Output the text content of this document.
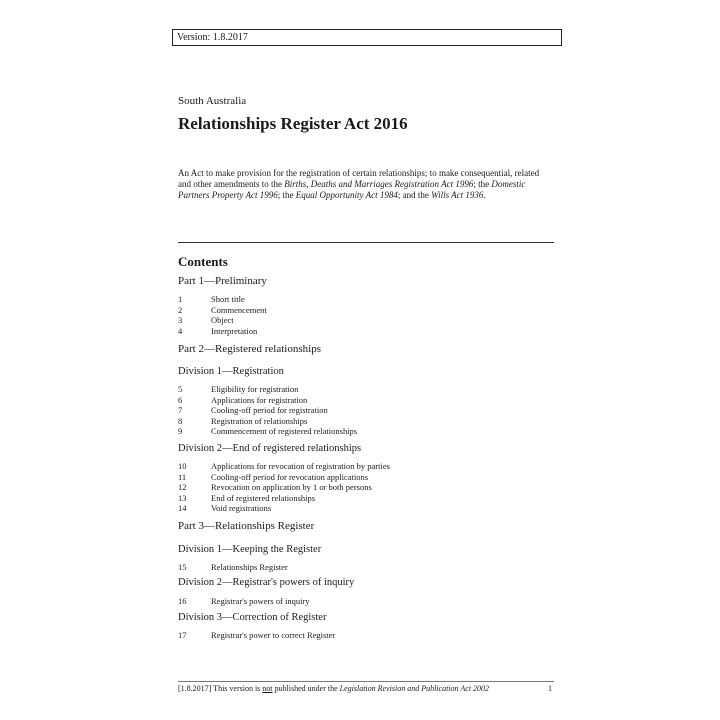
Version: 1.8.2017
South Australia
Relationships Register Act 2016
An Act to make provision for the registration of certain relationships; to make consequential, related and other amendments to the Births, Deaths and Marriages Registration Act 1996; the Domestic Partners Property Act 1996; the Equal Opportunity Act 1984; and the Wills Act 1936.
Contents
Part 1—Preliminary
1	Short title
2	Commencement
3	Object
4	Interpretation
Part 2—Registered relationships
Division 1—Registration
5	Eligibility for registration
6	Applications for registration
7	Cooling-off period for registration
8	Registration of relationships
9	Commencement of registered relationships
Division 2—End of registered relationships
10	Applications for revocation of registration by parties
11	Cooling-off period for revocation applications
12	Revocation on application by 1 or both persons
13	End of registered relationships
14	Void registrations
Part 3—Relationships Register
Division 1—Keeping the Register
15	Relationships Register
Division 2—Registrar's powers of inquiry
16	Registrar's powers of inquiry
Division 3—Correction of Register
17	Registrar's power to correct Register
[1.8.2017] This version is not published under the Legislation Revision and Publication Act 2002	1
